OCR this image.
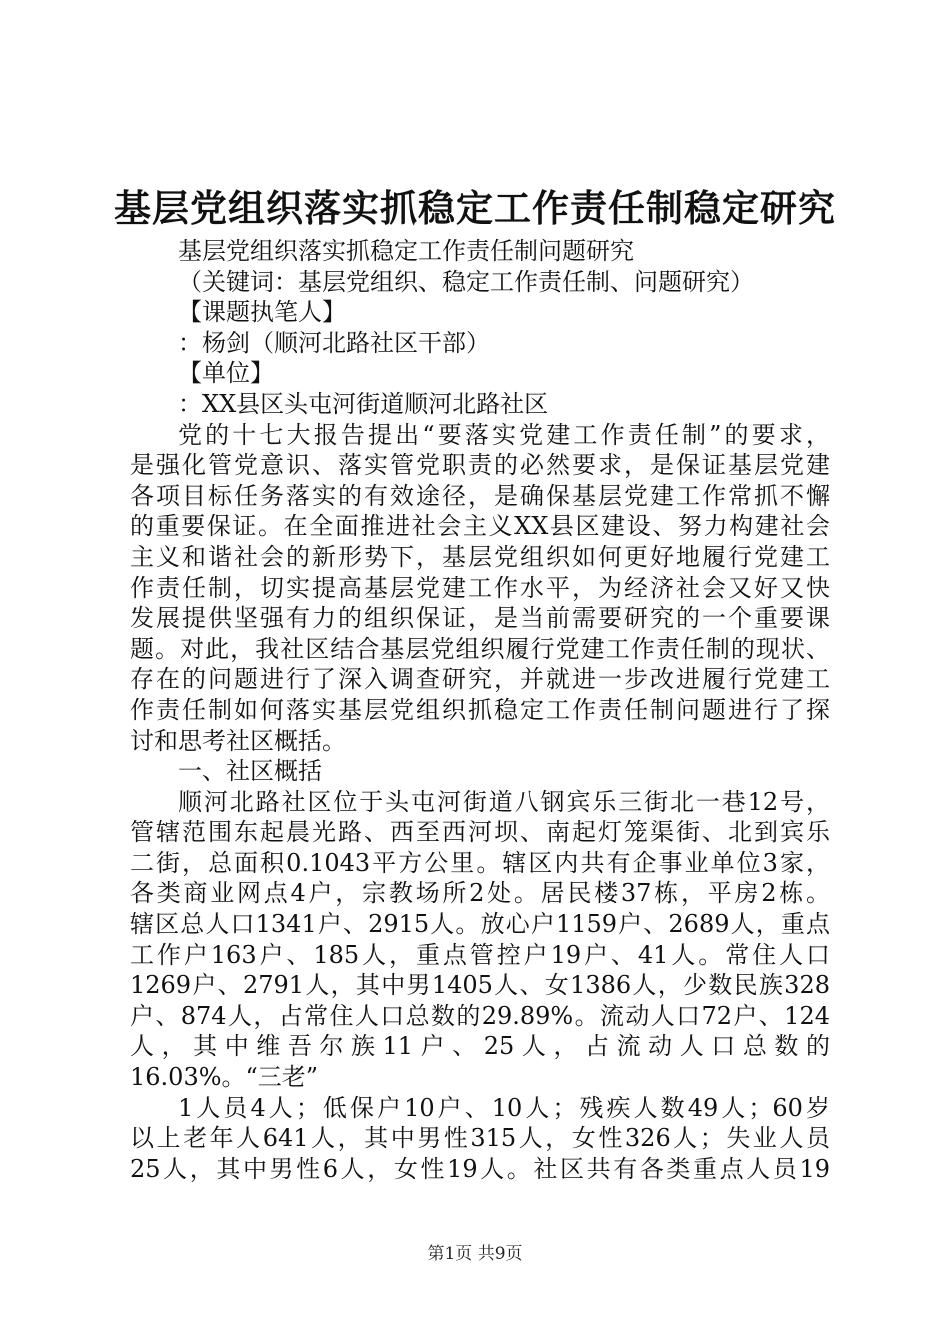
基层党组织落实抓稳定工作责任制稳定研究

基层党组织落实抓稳定工作责任制问题研究

（关键词：基层党组织、稳定工作责任制、问题研究）

【课题执笔人】

：杨剑（顺河北路社区干部）

【单位】

：XX县区头屯河街道顺河北路社区

党的十七大报告提出“要落实党建工作责任制”的要求，

是强化管党意识、落实管党职责的必然要求，是保证基层党建

各项目标任务落实的有效途径，是确保基层党建工作常抓不懈

的重要保证。在全面推进社会主义XX县区建设、努力构建社会

主义和谐社会的新形势下，基层党组织如何更好地履行党建工

作责任制，切实提高基层党建工作水平，为经济社会又好又快

发展提供坚强有力的组织保证，是当前需要研究的一个重要课

题。对此，我社区结合基层党组织履行党建工作责任制的现状、

存在的问题进行了深入调查研究，并就进一步改进履行党建工

作责任制如何落实基层党组织抓稳定工作责任制问题进行了探

讨和思考社区概括。

一、社区概括

顺河北路社区位于头屯河街道八钢宾乐三街北一巷12号，

管辖范围东起晨光路、西至西河坝、南起灯笼渠街、北到宾乐

二街，总面积0.1043平方公里。辖区内共有企事业单位3家，

各类商业网点4户，宗教场所2处。居民楼37栋，平房2栋。

辖区总人口1341户、2915人。放心户1159户、2689人，重点

工作户163户、185人，重点管控户19户、41人。常住人口

1269户、2791人，其中男1405人、女1386人，少数民族328

户、874人，占常住人口总数的29.89%。流动人口72户、124

人，其中维吾尔族11户、25人，占流动人口总数的

16.03%。“三老”

1人员4人；低保户10户、10人；残疾人数49人；60岁

以上老年人641人，其中男性315人，女性326人；失业人员

25人，其中男性6人，女性19人。社区共有各类重点人员19

第1页 共9页
